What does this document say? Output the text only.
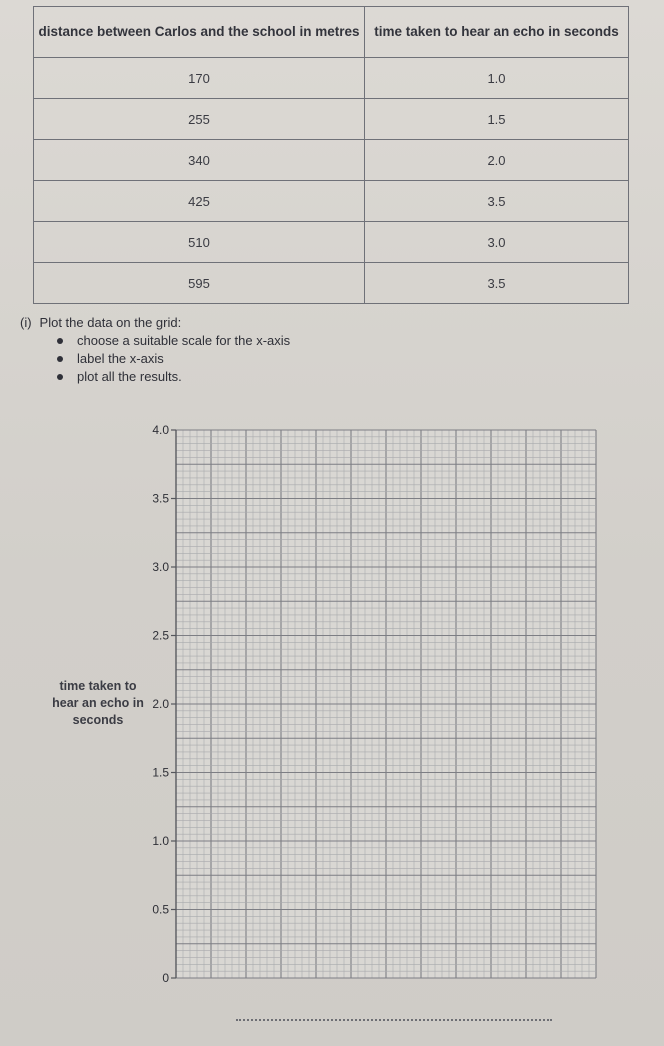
distance between Carlos and the school in metres	time taken to hear an echo in seconds
170	1.0
255	1.5
340	2.0
425	3.5
510	3.0
595	3.5
(i) Plot the data on the grid:
choose a suitable scale for the x-axis
label the x-axis
plot all the results.
0
0.5
1.0
1.5
2.0
2.5
3.0
3.5
4.0
time taken to hear an echo in seconds
